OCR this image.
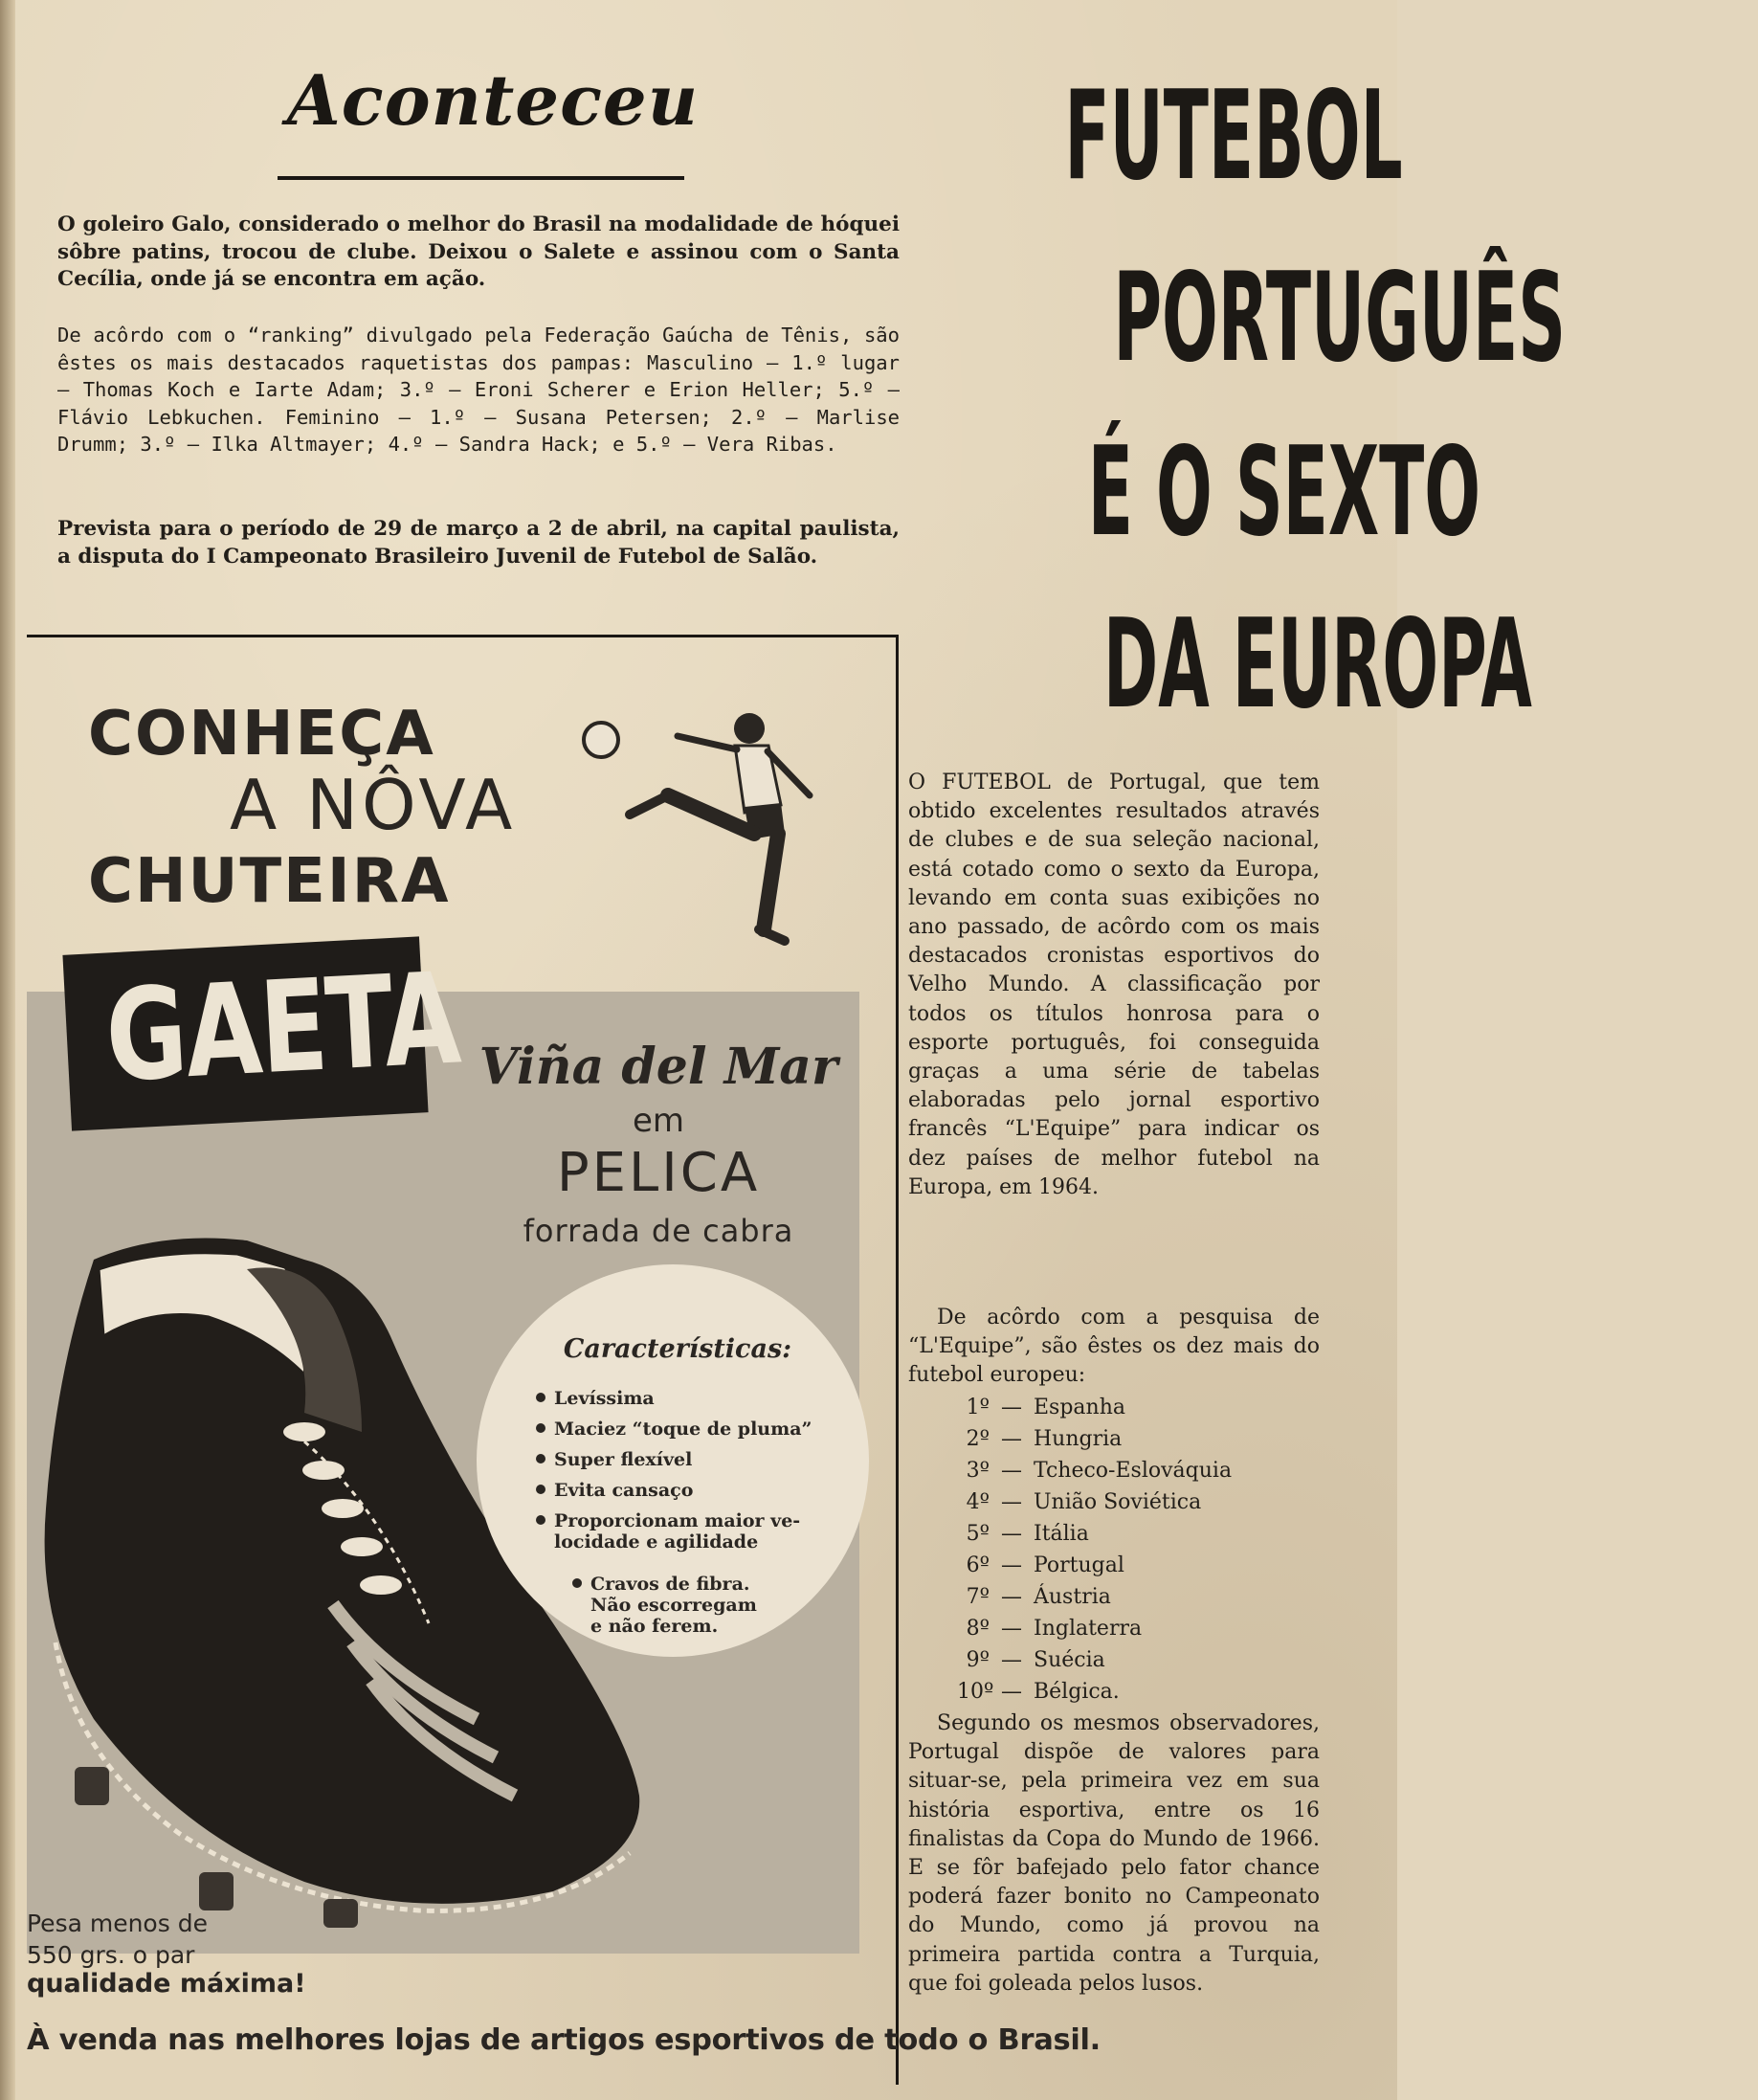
Aconteceu
O goleiro Galo, considerado o melhor do Brasil na modalidade de hóquei sôbre patins, trocou de clube. Deixou o Salete e assinou com o Santa Cecília, onde já se encontra em ação.
De acôrdo com o “ranking” divulgado pela Federação Gaúcha de Tênis, são êstes os mais destacados raquetistas dos pampas: Masculino — 1.º lugar — Thomas Koch e Iarte Adam; 3.º — Eroni Scherer e Erion Heller; 5.º — Flávio Lebkuchen. Feminino — 1.º — Susana Petersen; 2.º — Marlise Drumm; 3.º — Ilka Altmayer; 4.º — Sandra Hack; e 5.º — Vera Ribas.
Prevista para o período de 29 de março a 2 de abril, na capital paulista, a disputa do I Campeonato Brasileiro Juvenil de Futebol de Salão.
CONHEÇA
A NÔVA
CHUTEIRA
GAETA Viña del Mar
em
PELICA
forrada de cabra
Características:
Levíssima
Maciez “toque de pluma”
Super flexível
Evita cansaço
Proporcionam maior ve-
locidade e agilidade
Cravos de fibra.
Não escorregam
e não ferem.
Pesa menos de
550 grs. o par
qualidade máxima!
À venda nas melhores lojas de artigos esportivos de todo o Brasil.
FUTEBOL
PORTUGUÊS
É O SEXTO
DA EUROPA
O FUTEBOL de Portugal, que tem obtido excelentes resultados através de clubes e de sua seleção nacional, está cotado como o sexto da Europa, levando em conta suas exibições no ano passado, de acôrdo com os mais destacados cronistas esportivos do Velho Mundo. A classificação por todos os títulos honrosa para o esporte português, foi conseguida graças a uma série de tabelas elaboradas pelo jornal esportivo francês “L'Equipe” para indicar os dez países de melhor futebol na Europa, em 1964.
De acôrdo com a pesquisa de “L'Equipe”, são êstes os dez mais do futebol europeu:
1º — Espanha
2º — Hungria
3º — Tcheco-Eslováquia
4º — União Soviética
5º — Itália
6º — Portugal
7º — Áustria
8º — Inglaterra
9º — Suécia
10º — Bélgica.
Segundo os mesmos observadores, Portugal dispõe de valores para situar-se, pela primeira vez em sua história esportiva, entre os 16 finalistas da Copa do Mundo de 1966. E se fôr bafejado pelo fator chance poderá fazer bonito no Campeonato do Mundo, como já provou na primeira partida contra a Turquia, que foi goleada pelos lusos.
